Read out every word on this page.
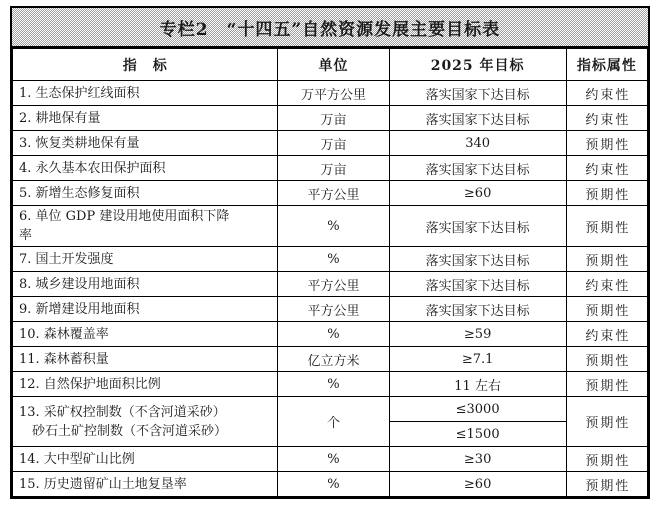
专栏2　“十四五”自然资源发展主要目标表
指　标	单位	2025 年目标	指标属性

1. 生态保护红线面积	万平方公里	落实国家下达目标	约束性

2. 耕地保有量	万亩	落实国家下达目标	约束性

3. 恢复类耕地保有量	万亩	340	预期性

4. 永久基本农田保护面积	万亩	落实国家下达目标	约束性

5. 新增生态修复面积	平方公里	≥60	预期性

6. 单位 GDP 建设用地使用面积下降
率	%	落实国家下达目标	预期性

7. 国土开发强度	%	落实国家下达目标	预期性

8. 城乡建设用地面积	平方公里	落实国家下达目标	约束性

9. 新增建设用地面积	平方公里	落实国家下达目标	预期性

10. 森林覆盖率	%	≥59	约束性

11. 森林蓄积量	亿立方米	≥7.1	预期性

12. 自然保护地面积比例	%	11 左右	预期性

13. 采矿权控制数（不含河道采砂）
　砂石土矿控制数（不含河道采砂）	个	≤3000	预期性
		≤1500	

14. 大中型矿山比例	%	≥30	预期性

15. 历史遗留矿山土地复垦率	%	≥60	预期性
